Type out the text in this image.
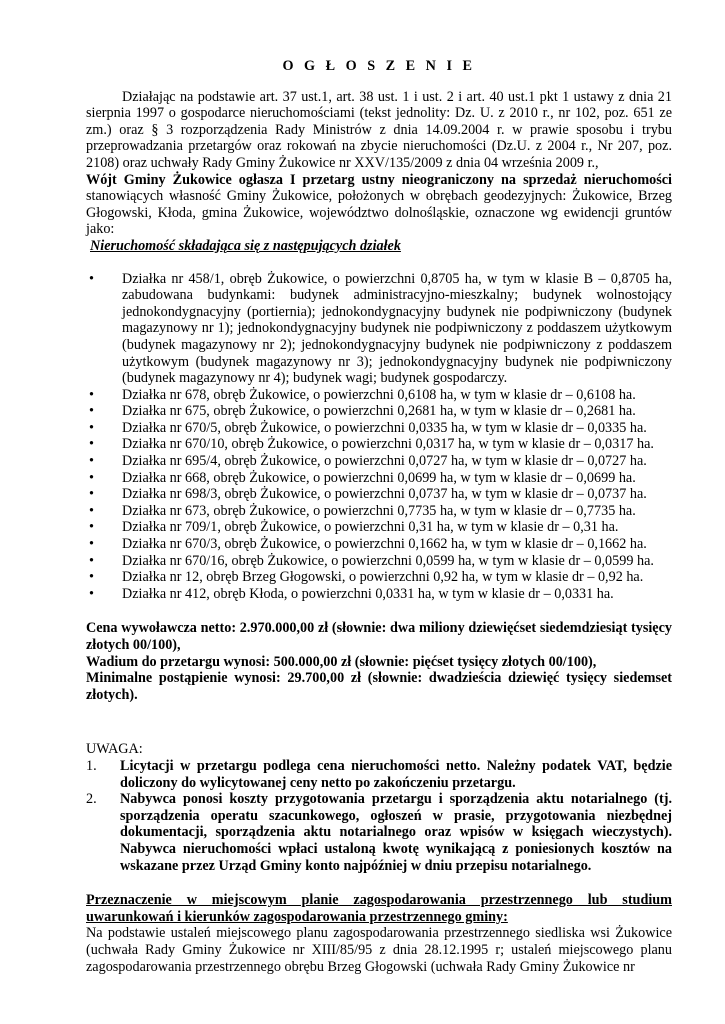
O G Ł O S Z E N I E

Działając na podstawie art. 37 ust.1, art. 38 ust. 1 i ust. 2 i art. 40 ust.1 pkt 1 ustawy z dnia 21 sierpnia 1997 o gospodarce nieruchomościami (tekst jednolity: Dz. U. z 2010 r., nr 102, poz. 651 ze zm.) oraz § 3 rozporządzenia Rady Ministrów z dnia 14.09.2004 r. w prawie sposobu i trybu przeprowadzania przetargów oraz rokowań na zbycie nieruchomości (Dz.U. z 2004 r., Nr 207, poz. 2108) oraz uchwały Rady Gminy Żukowice nr XXV/135/2009 z dnia 04 września 2009 r.,

Wójt Gminy Żukowice ogłasza I przetarg ustny nieograniczony na sprzedaż nieruchomości stanowiących własność Gminy Żukowice, położonych w obrębach geodezyjnych: Żukowice, Brzeg Głogowski, Kłoda, gmina Żukowice, województwo dolnośląskie, oznaczone wg ewidencji gruntów jako:

Nieruchomość składająca się z następujących działek

• Działka nr 458/1, obręb Żukowice, o powierzchni 0,8705 ha, w tym w klasie B – 0,8705 ha, zabudowana budynkami: budynek administracyjno-mieszkalny; budynek wolnostojący jednokondygnacyjny (portiernia); jednokondygnacyjny budynek nie podpiwniczony (budynek magazynowy nr 1); jednokondygnacyjny budynek nie podpiwniczony z poddaszem użytkowym (budynek magazynowy nr 2); jednokondygnacyjny budynek nie podpiwniczony z poddaszem użytkowym (budynek magazynowy nr 3); jednokondygnacyjny budynek nie podpiwniczony (budynek magazynowy nr 4); budynek wagi; budynek gospodarczy.
• Działka nr 678, obręb Żukowice, o powierzchni 0,6108 ha, w tym w klasie dr – 0,6108 ha.
• Działka nr 675, obręb Żukowice, o powierzchni 0,2681 ha, w tym w klasie dr – 0,2681 ha.
• Działka nr 670/5, obręb Żukowice, o powierzchni 0,0335 ha, w tym w klasie dr – 0,0335 ha.
• Działka nr 670/10, obręb Żukowice, o powierzchni 0,0317 ha, w tym w klasie dr – 0,0317 ha.
• Działka nr 695/4, obręb Żukowice, o powierzchni 0,0727 ha, w tym w klasie dr – 0,0727 ha.
• Działka nr 668, obręb Żukowice, o powierzchni 0,0699 ha, w tym w klasie dr – 0,0699 ha.
• Działka nr 698/3, obręb Żukowice, o powierzchni 0,0737 ha, w tym w klasie dr – 0,0737 ha.
• Działka nr 673, obręb Żukowice, o powierzchni 0,7735 ha, w tym w klasie dr – 0,7735 ha.
• Działka nr 709/1, obręb Żukowice, o powierzchni 0,31 ha, w tym w klasie dr – 0,31 ha.
• Działka nr 670/3, obręb Żukowice, o powierzchni 0,1662 ha, w tym w klasie dr – 0,1662 ha.
• Działka nr 670/16, obręb Żukowice, o powierzchni 0,0599 ha, w tym w klasie dr – 0,0599 ha.
• Działka nr 12, obręb Brzeg Głogowski, o powierzchni 0,92 ha, w tym w klasie dr – 0,92 ha.
• Działka nr 412, obręb Kłoda, o powierzchni 0,0331 ha, w tym w klasie dr – 0,0331 ha.

Cena wywoławcza netto: 2.970.000,00 zł (słownie: dwa miliony dziewięćset siedemdziesiąt tysięcy złotych 00/100),

Wadium do przetargu wynosi: 500.000,00 zł (słownie: pięćset tysięcy złotych 00/100),

Minimalne postąpienie wynosi: 29.700,00 zł (słownie: dwadzieścia dziewięć tysięcy siedemset złotych).

UWAGA:
1. Licytacji w przetargu podlega cena nieruchomości netto. Należny podatek VAT, będzie doliczony do wylicytowanej ceny netto po zakończeniu przetargu.
2. Nabywca ponosi koszty przygotowania przetargu i sporządzenia aktu notarialnego (tj. sporządzenia operatu szacunkowego, ogłoszeń w prasie, przygotowania niezbędnej dokumentacji, sporządzenia aktu notarialnego oraz wpisów w księgach wieczystych). Nabywca nieruchomości wpłaci ustaloną kwotę wynikającą z poniesionych kosztów na wskazane przez Urząd Gminy konto najpóźniej w dniu przepisu notarialnego.

Przeznaczenie w miejscowym planie zagospodarowania przestrzennego lub studium

uwarunkowań i kierunków zagospodarowania przestrzennego gminy:

Na podstawie ustaleń miejscowego planu zagospodarowania przestrzennego siedliska wsi Żukowice (uchwała Rady Gminy Żukowice nr XIII/85/95 z dnia 28.12.1995 r; ustaleń miejscowego planu zagospodarowania przestrzennego obrębu Brzeg Głogowski (uchwała Rady Gminy Żukowice nr
